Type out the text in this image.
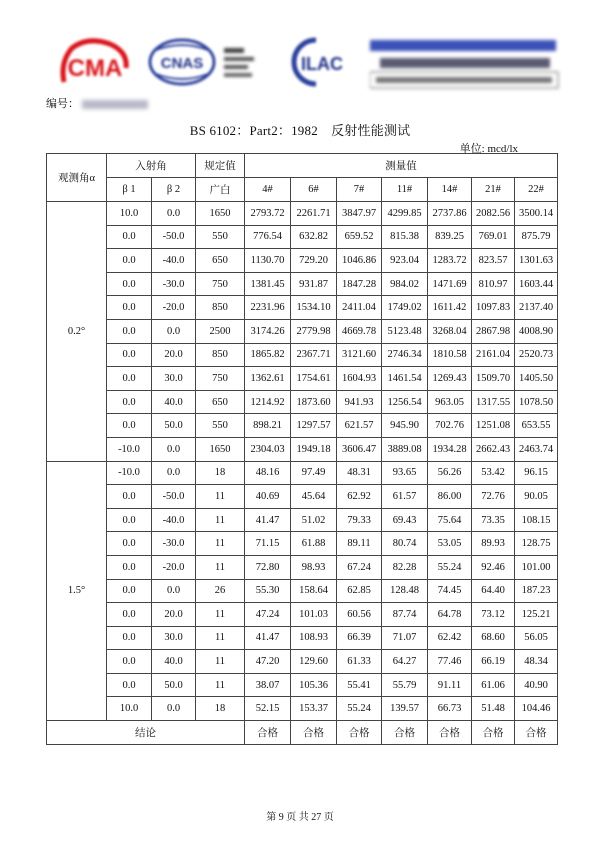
CMA	CNAS	ILAC
编号：
BS 6102：Part2：1982　反射性能测试
单位: mcd/lx
观测角α	入射角		规定值	测量值						
	β 1	β 2	广白	4#	6#	7#	11#	14#	21#	22#
0.2°	10.0	0.0	1650	2793.72	2261.71	3847.97	4299.85	2737.86	2082.56	3500.14
	0.0	-50.0	550	776.54	632.82	659.52	815.38	839.25	769.01	875.79
	0.0	-40.0	650	1130.70	729.20	1046.86	923.04	1283.72	823.57	1301.63
	0.0	-30.0	750	1381.45	931.87	1847.28	984.02	1471.69	810.97	1603.44
	0.0	-20.0	850	2231.96	1534.10	2411.04	1749.02	1611.42	1097.83	2137.40
	0.0	0.0	2500	3174.26	2779.98	4669.78	5123.48	3268.04	2867.98	4008.90
	0.0	20.0	850	1865.82	2367.71	3121.60	2746.34	1810.58	2161.04	2520.73
	0.0	30.0	750	1362.61	1754.61	1604.93	1461.54	1269.43	1509.70	1405.50
	0.0	40.0	650	1214.92	1873.60	941.93	1256.54	963.05	1317.55	1078.50
	0.0	50.0	550	898.21	1297.57	621.57	945.90	702.76	1251.08	653.55
	-10.0	0.0	1650	2304.03	1949.18	3606.47	3889.08	1934.28	2662.43	2463.74
1.5°	-10.0	0.0	18	48.16	97.49	48.31	93.65	56.26	53.42	96.15
	0.0	-50.0	11	40.69	45.64	62.92	61.57	86.00	72.76	90.05
	0.0	-40.0	11	41.47	51.02	79.33	69.43	75.64	73.35	108.15
	0.0	-30.0	11	71.15	61.88	89.11	80.74	53.05	89.93	128.75
	0.0	-20.0	11	72.80	98.93	67.24	82.28	55.24	92.46	101.00
	0.0	0.0	26	55.30	158.64	62.85	128.48	74.45	64.40	187.23
	0.0	20.0	11	47.24	101.03	60.56	87.74	64.78	73.12	125.21
	0.0	30.0	11	41.47	108.93	66.39	71.07	62.42	68.60	56.05
	0.0	40.0	11	47.20	129.60	61.33	64.27	77.46	66.19	48.34
	0.0	50.0	11	38.07	105.36	55.41	55.79	91.11	61.06	40.90
	10.0	0.0	18	52.15	153.37	55.24	139.57	66.73	51.48	104.46
结论				合格	合格	合格	合格	合格	合格	合格
第 9 页 共 27 页
